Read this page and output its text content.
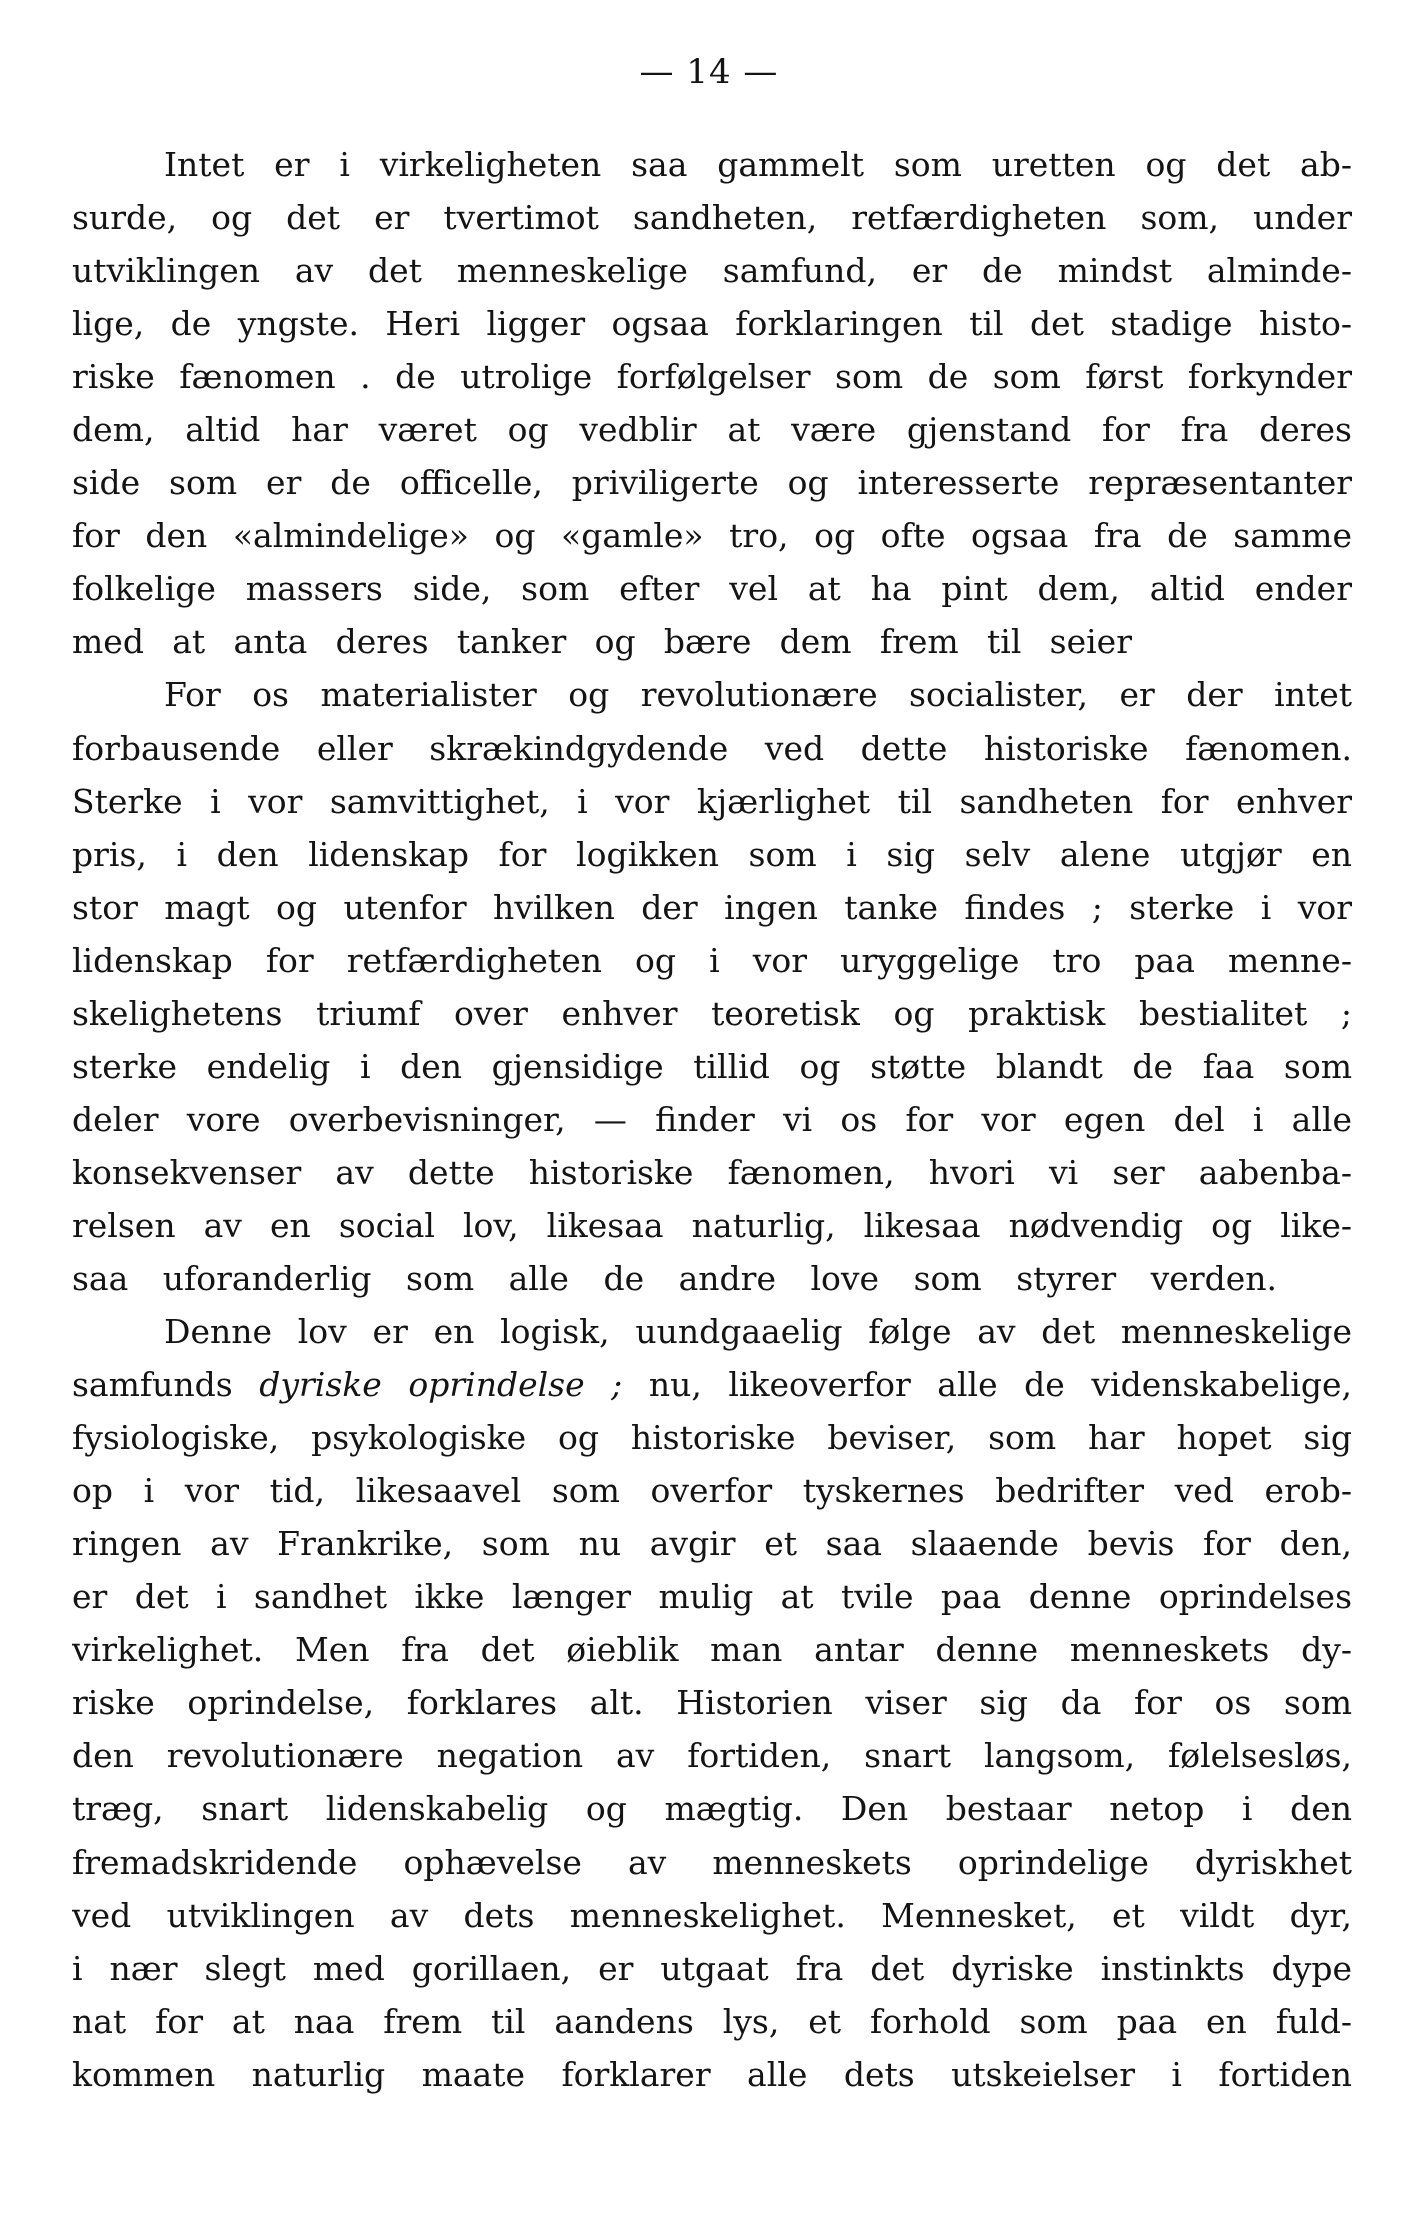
— 14 —
Intet er i virkeligheten saa gammelt som uretten og det ab-
surde, og det er tvertimot sandheten, retfærdigheten som, under
utviklingen av det menneskelige samfund, er de mindst alminde-
lige, de yngste. Heri ligger ogsaa forklaringen til det stadige histo-
riske fænomen . de utrolige forfølgelser som de som først forkynder
dem, altid har været og vedblir at være gjenstand for fra deres
side som er de officelle, priviligerte og interesserte repræsentanter
for den «almindelige» og «gamle» tro, og ofte ogsaa fra de samme
folkelige massers side, som efter vel at ha pint dem, altid ender
med at anta deres tanker og bære dem frem til seier
For os materialister og revolutionære socialister, er der intet
forbausende eller skrækindgydende ved dette historiske fænomen.
Sterke i vor samvittighet, i vor kjærlighet til sandheten for enhver
pris, i den lidenskap for logikken som i sig selv alene utgjør en
stor magt og utenfor hvilken der ingen tanke findes ; sterke i vor
lidenskap for retfærdigheten og i vor uryggelige tro paa menne-
skelighetens triumf over enhver teoretisk og praktisk bestialitet ;
sterke endelig i den gjensidige tillid og støtte blandt de faa som
deler vore overbevisninger, — finder vi os for vor egen del i alle
konsekvenser av dette historiske fænomen, hvori vi ser aabenba-
relsen av en social lov, likesaa naturlig, likesaa nødvendig og like-
saa uforanderlig som alle de andre love som styrer verden.
Denne lov er en logisk, uundgaaelig følge av det menneskelige
samfunds dyriske oprindelse ; nu, likeoverfor alle de videnskabelige,
fysiologiske, psykologiske og historiske beviser, som har hopet sig
op i vor tid, likesaavel som overfor tyskernes bedrifter ved erob-
ringen av Frankrike, som nu avgir et saa slaaende bevis for den,
er det i sandhet ikke længer mulig at tvile paa denne oprindelses
virkelighet. Men fra det øieblik man antar denne menneskets dy-
riske oprindelse, forklares alt. Historien viser sig da for os som
den revolutionære negation av fortiden, snart langsom, følelsesløs,
træg, snart lidenskabelig og mægtig. Den bestaar netop i den
fremadskridende ophævelse av menneskets oprindelige dyriskhet
ved utviklingen av dets menneskelighet. Mennesket, et vildt dyr,
i nær slegt med gorillaen, er utgaat fra det dyriske instinkts dype
nat for at naa frem til aandens lys, et forhold som paa en fuld-
kommen naturlig maate forklarer alle dets utskeielser i fortiden
